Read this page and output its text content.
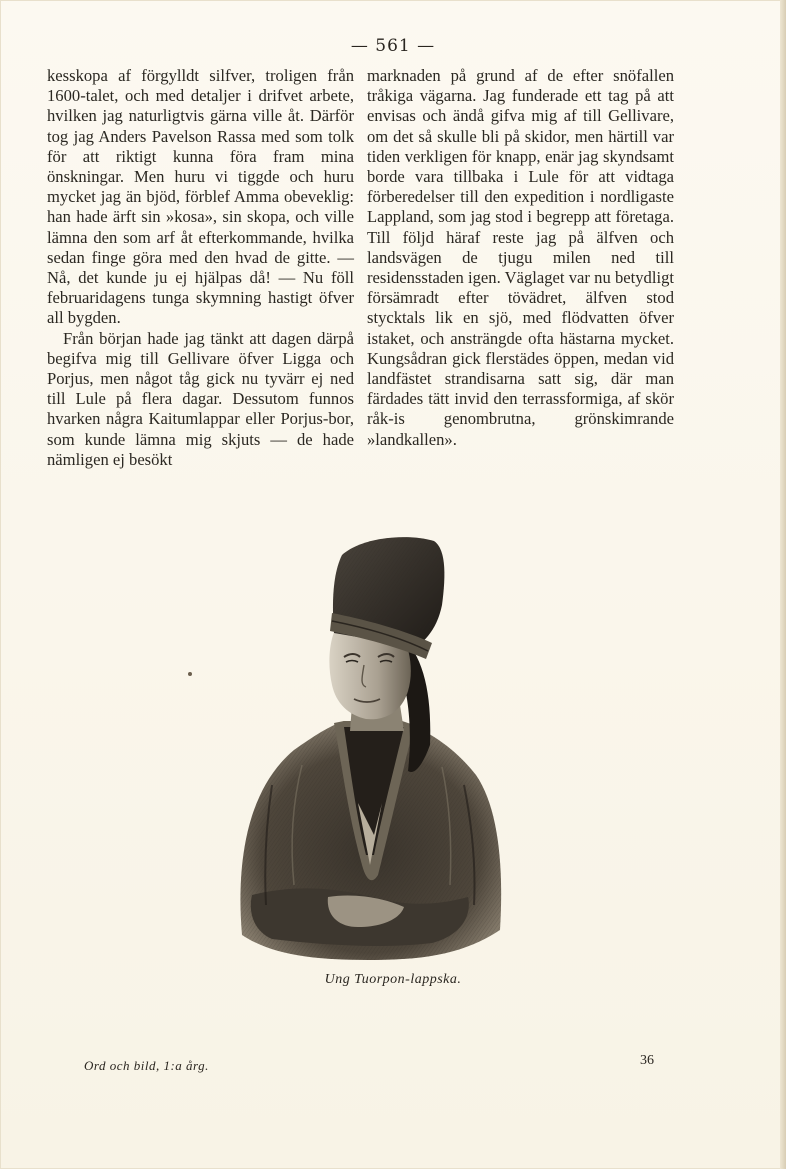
— 561 —

kesskopa af förgylldt silfver, troligen från 1600-talet, och med detaljer i drifvet arbete, hvilken jag naturligtvis gärna ville åt. Därför tog jag Anders Pavelson Rassa med som tolk för att riktigt kunna föra fram mina önskningar. Men huru vi tiggde och huru mycket jag än bjöd, förblef Amma obeveklig: han hade ärft sin »kosa», sin skopa, och ville lämna den som arf åt efterkommande, hvilka sedan finge göra med den hvad de gitte. — Nå, det kunde ju ej hjälpas då! — Nu föll februaridagens tunga skymning hastigt öfver all bygden.

Från början hade jag tänkt att dagen därpå begifva mig till Gellivare öfver Ligga och Porjus, men något tåg gick nu tyvärr ej ned till Lule på flera dagar. Dessutom funnos hvarken några Kaitumlappar eller Porjus-bor, som kunde lämna mig skjuts — de hade nämligen ej besökt

marknaden på grund af de efter snöfallen tråkiga vägarna. Jag funderade ett tag på att envisas och ändå gifva mig af till Gellivare, om det så skulle bli på skidor, men härtill var tiden verkligen för knapp, enär jag skyndsamt borde vara tillbaka i Lule för att vidtaga förberedelser till den expedition i nordligaste Lappland, som jag stod i begrepp att företaga. Till följd häraf reste jag på älfven och landsvägen de tjugu milen ned till residensstaden igen. Väglaget var nu betydligt försämradt efter tövädret, älfven stod stycktals lik en sjö, med flödvatten öfver istaket, och ansträngde ofta hästarna mycket. Kungsådran gick flerstädes öppen, medan vid landfästet strandisarna satt sig, där man färdades tätt invid den terrassformiga, af skör råk-is genombrutna, grönskimrande »landkallen».

Ung Tuorpon-lappska.
Ord och bild, 1:a årg.	36
